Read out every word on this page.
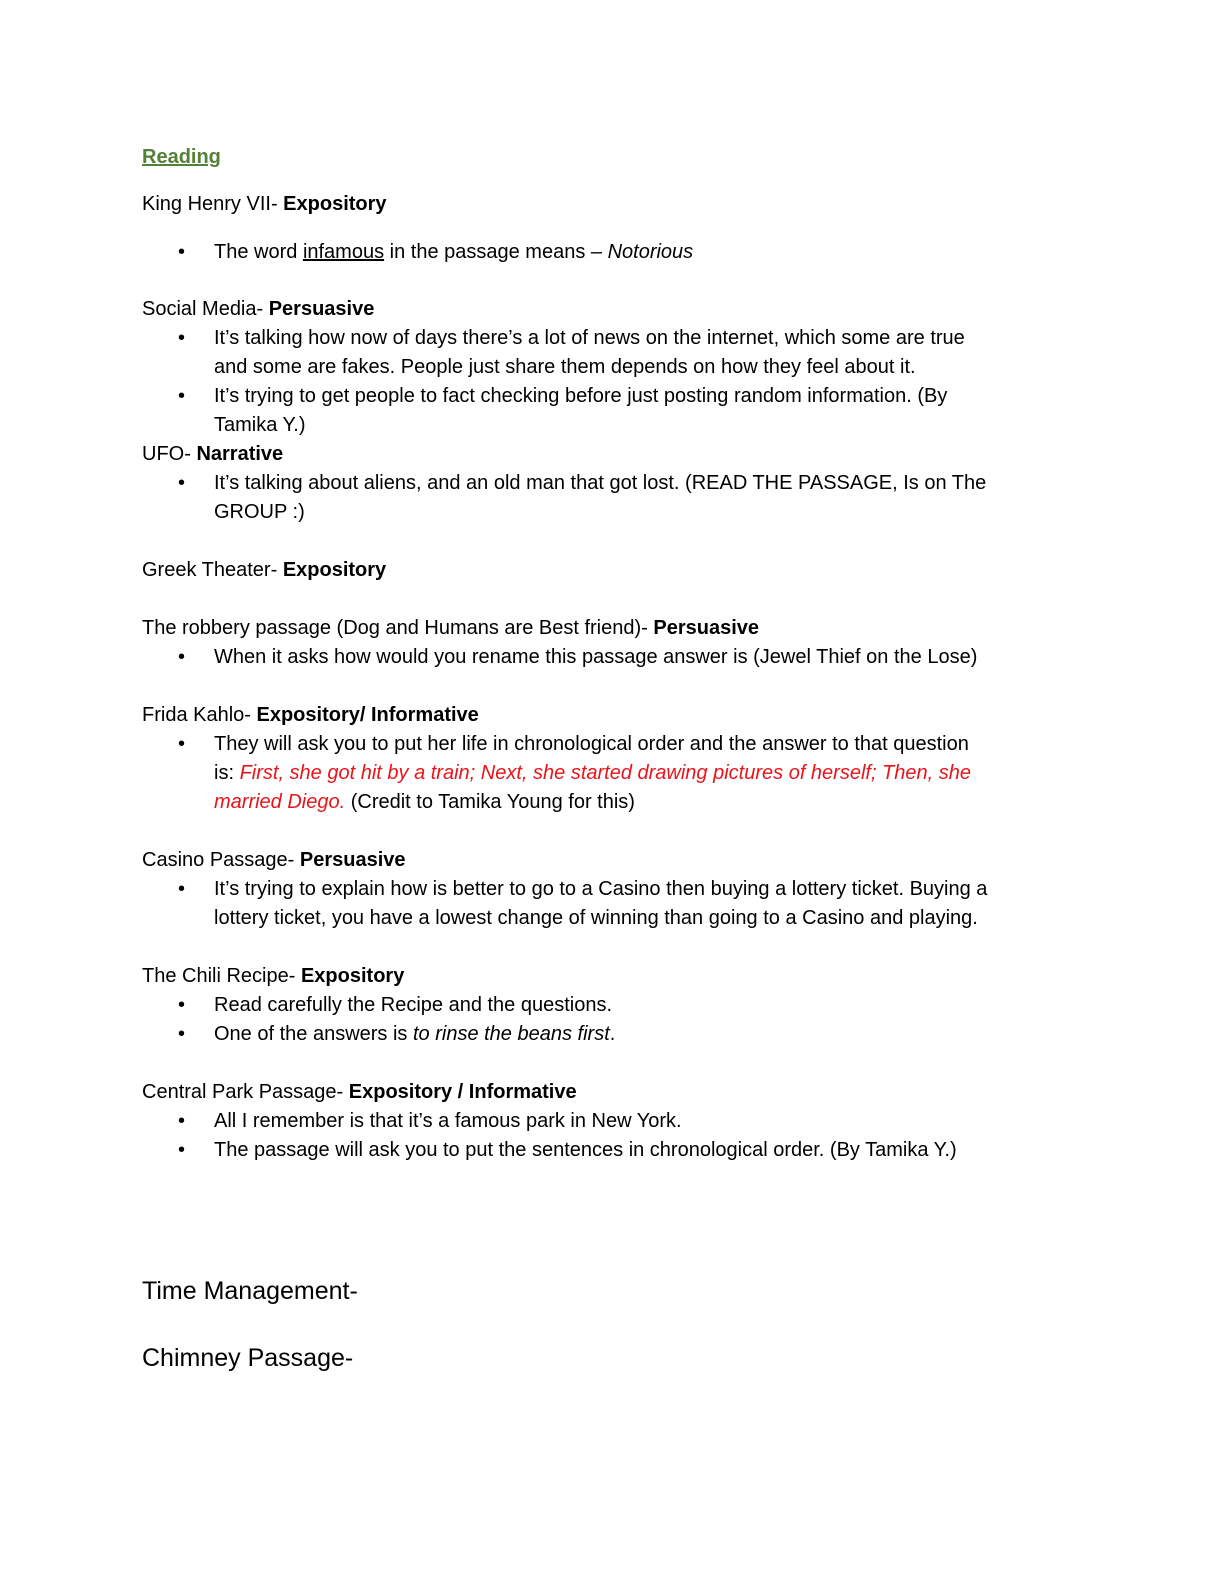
Reading
King Henry VII- Expository
• The word infamous in the passage means – Notorious
Social Media- Persuasive
• It’s talking how now of days there’s a lot of news on the internet, which some are true
and some are fakes. People just share them depends on how they feel about it.
• It’s trying to get people to fact checking before just posting random information. (By
Tamika Y.)
UFO- Narrative
• It’s talking about aliens, and an old man that got lost. (READ THE PASSAGE, Is on The
GROUP :)
Greek Theater- Expository
The robbery passage (Dog and Humans are Best friend)- Persuasive
• When it asks how would you rename this passage answer is (Jewel Thief on the Lose)
Frida Kahlo- Expository/ Informative
• They will ask you to put her life in chronological order and the answer to that question
is: First, she got hit by a train; Next, she started drawing pictures of herself; Then, she
married Diego. (Credit to Tamika Young for this)
Casino Passage- Persuasive
• It’s trying to explain how is better to go to a Casino then buying a lottery ticket. Buying a
lottery ticket, you have a lowest change of winning than going to a Casino and playing.
The Chili Recipe- Expository
• Read carefully the Recipe and the questions.
• One of the answers is to rinse the beans first.
Central Park Passage- Expository / Informative
• All I remember is that it’s a famous park in New York.
• The passage will ask you to put the sentences in chronological order. (By Tamika Y.)
Time Management-
Chimney Passage-
